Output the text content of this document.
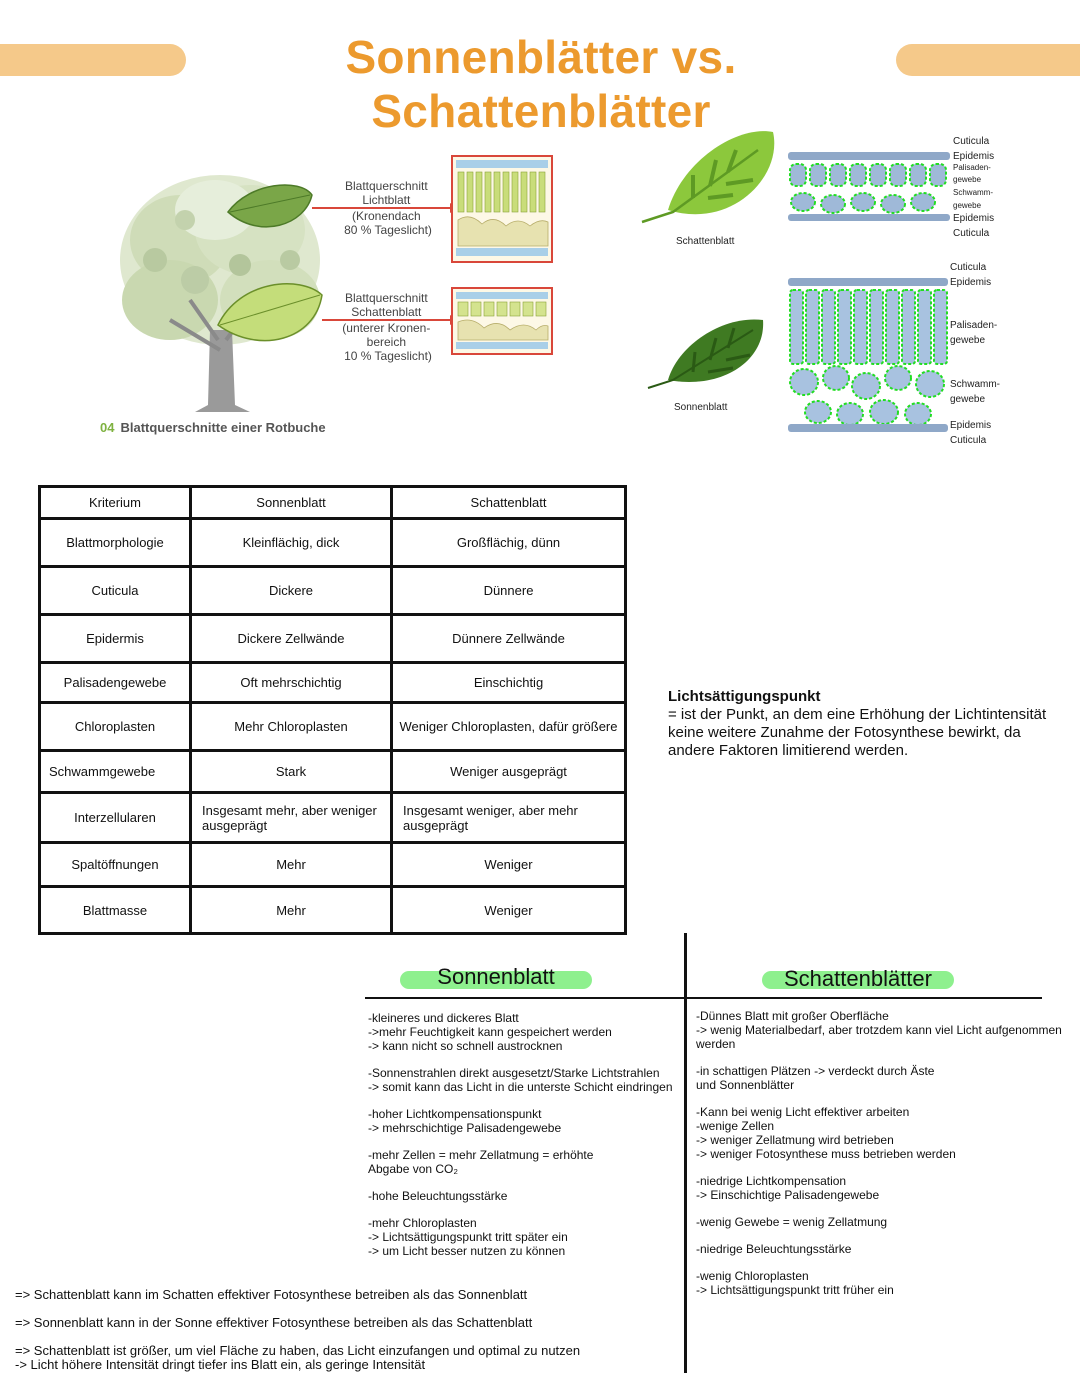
Sonnenblätter vs. Schattenblätter
Blattquerschnitt Lichtblatt (Kronendach 80 % Tageslicht)
Blattquerschnitt Schattenblatt (unterer Kronen- bereich 10 % Tageslicht)
04 Blattquerschnitte einer Rotbuche
Schattenblatt
Sonnenblatt
Cuticula Epidemis
Palisaden- gewebe Schwamm- gewebe
Epidemis Cuticula
Cuticula Epidemis Palisaden- gewebe Schwamm- gewebe Epidemis Cuticula
Kriterium	Sonnenblatt	Schattenblatt
Blattmorphologie	Kleinflächig, dick	Großflächig, dünn
Cuticula	Dickere	Dünnere
Epidermis	Dickere Zellwände	Dünnere Zellwände
Palisadengewebe	Oft mehrschichtig	Einschichtig
Chloroplasten	Mehr Chloroplasten	Weniger Chloroplasten, dafür größere
Schwammgewebe	Stark	Weniger ausgeprägt
Interzellularen	Insgesamt mehr, aber weniger ausgeprägt	Insgesamt weniger, aber mehr ausgeprägt
Spaltöffnungen	Mehr	Weniger
Blattmasse	Mehr	Weniger
Lichtsättigungspunkt
= ist der Punkt, an dem eine Erhöhung der Lichtintensität keine weitere Zunahme der Fotosynthese bewirkt, da andere Faktoren limitierend werden.
Sonnenblatt	Schattenblätter
-kleineres und dickeres Blatt
->mehr Feuchtigkeit kann gespeichert werden
-> kann nicht so schnell austrocknen
-Sonnenstrahlen direkt ausgesetzt/Starke Lichtstrahlen
-> somit kann das Licht in die unterste Schicht eindringen
-hoher Lichtkompensationspunkt
-> mehrschichtige Palisadengewebe
-mehr Zellen = mehr Zellatmung = erhöhte
Abgabe von CO₂
-hohe Beleuchtungsstärke
-mehr Chloroplasten
-> Lichtsättigungspunkt tritt später ein
-> um Licht besser nutzen zu können
-Dünnes Blatt mit großer Oberfläche
-> wenig Materialbedarf, aber trotzdem kann viel Licht aufgenommen
werden
-in schattigen Plätzen -> verdeckt durch Äste
und Sonnenblätter
-Kann bei wenig Licht effektiver arbeiten
-wenige Zellen
-> weniger Zellatmung wird betrieben
-> weniger Fotosynthese muss betrieben werden
-niedrige Lichtkompensation
-> Einschichtige Palisadengewebe
-wenig Gewebe = wenig Zellatmung
-niedrige Beleuchtungsstärke
-wenig Chloroplasten
-> Lichtsättigungspunkt tritt früher ein
=> Schattenblatt kann im Schatten effektiver Fotosynthese betreiben als das Sonnenblatt
=> Sonnenblatt kann in der Sonne effektiver Fotosynthese betreiben als das Schattenblatt
=> Schattenblatt ist größer, um viel Fläche zu haben, das Licht einzufangen und optimal zu nutzen
-> Licht höhere Intensität dringt tiefer ins Blatt ein, als geringe Intensität
